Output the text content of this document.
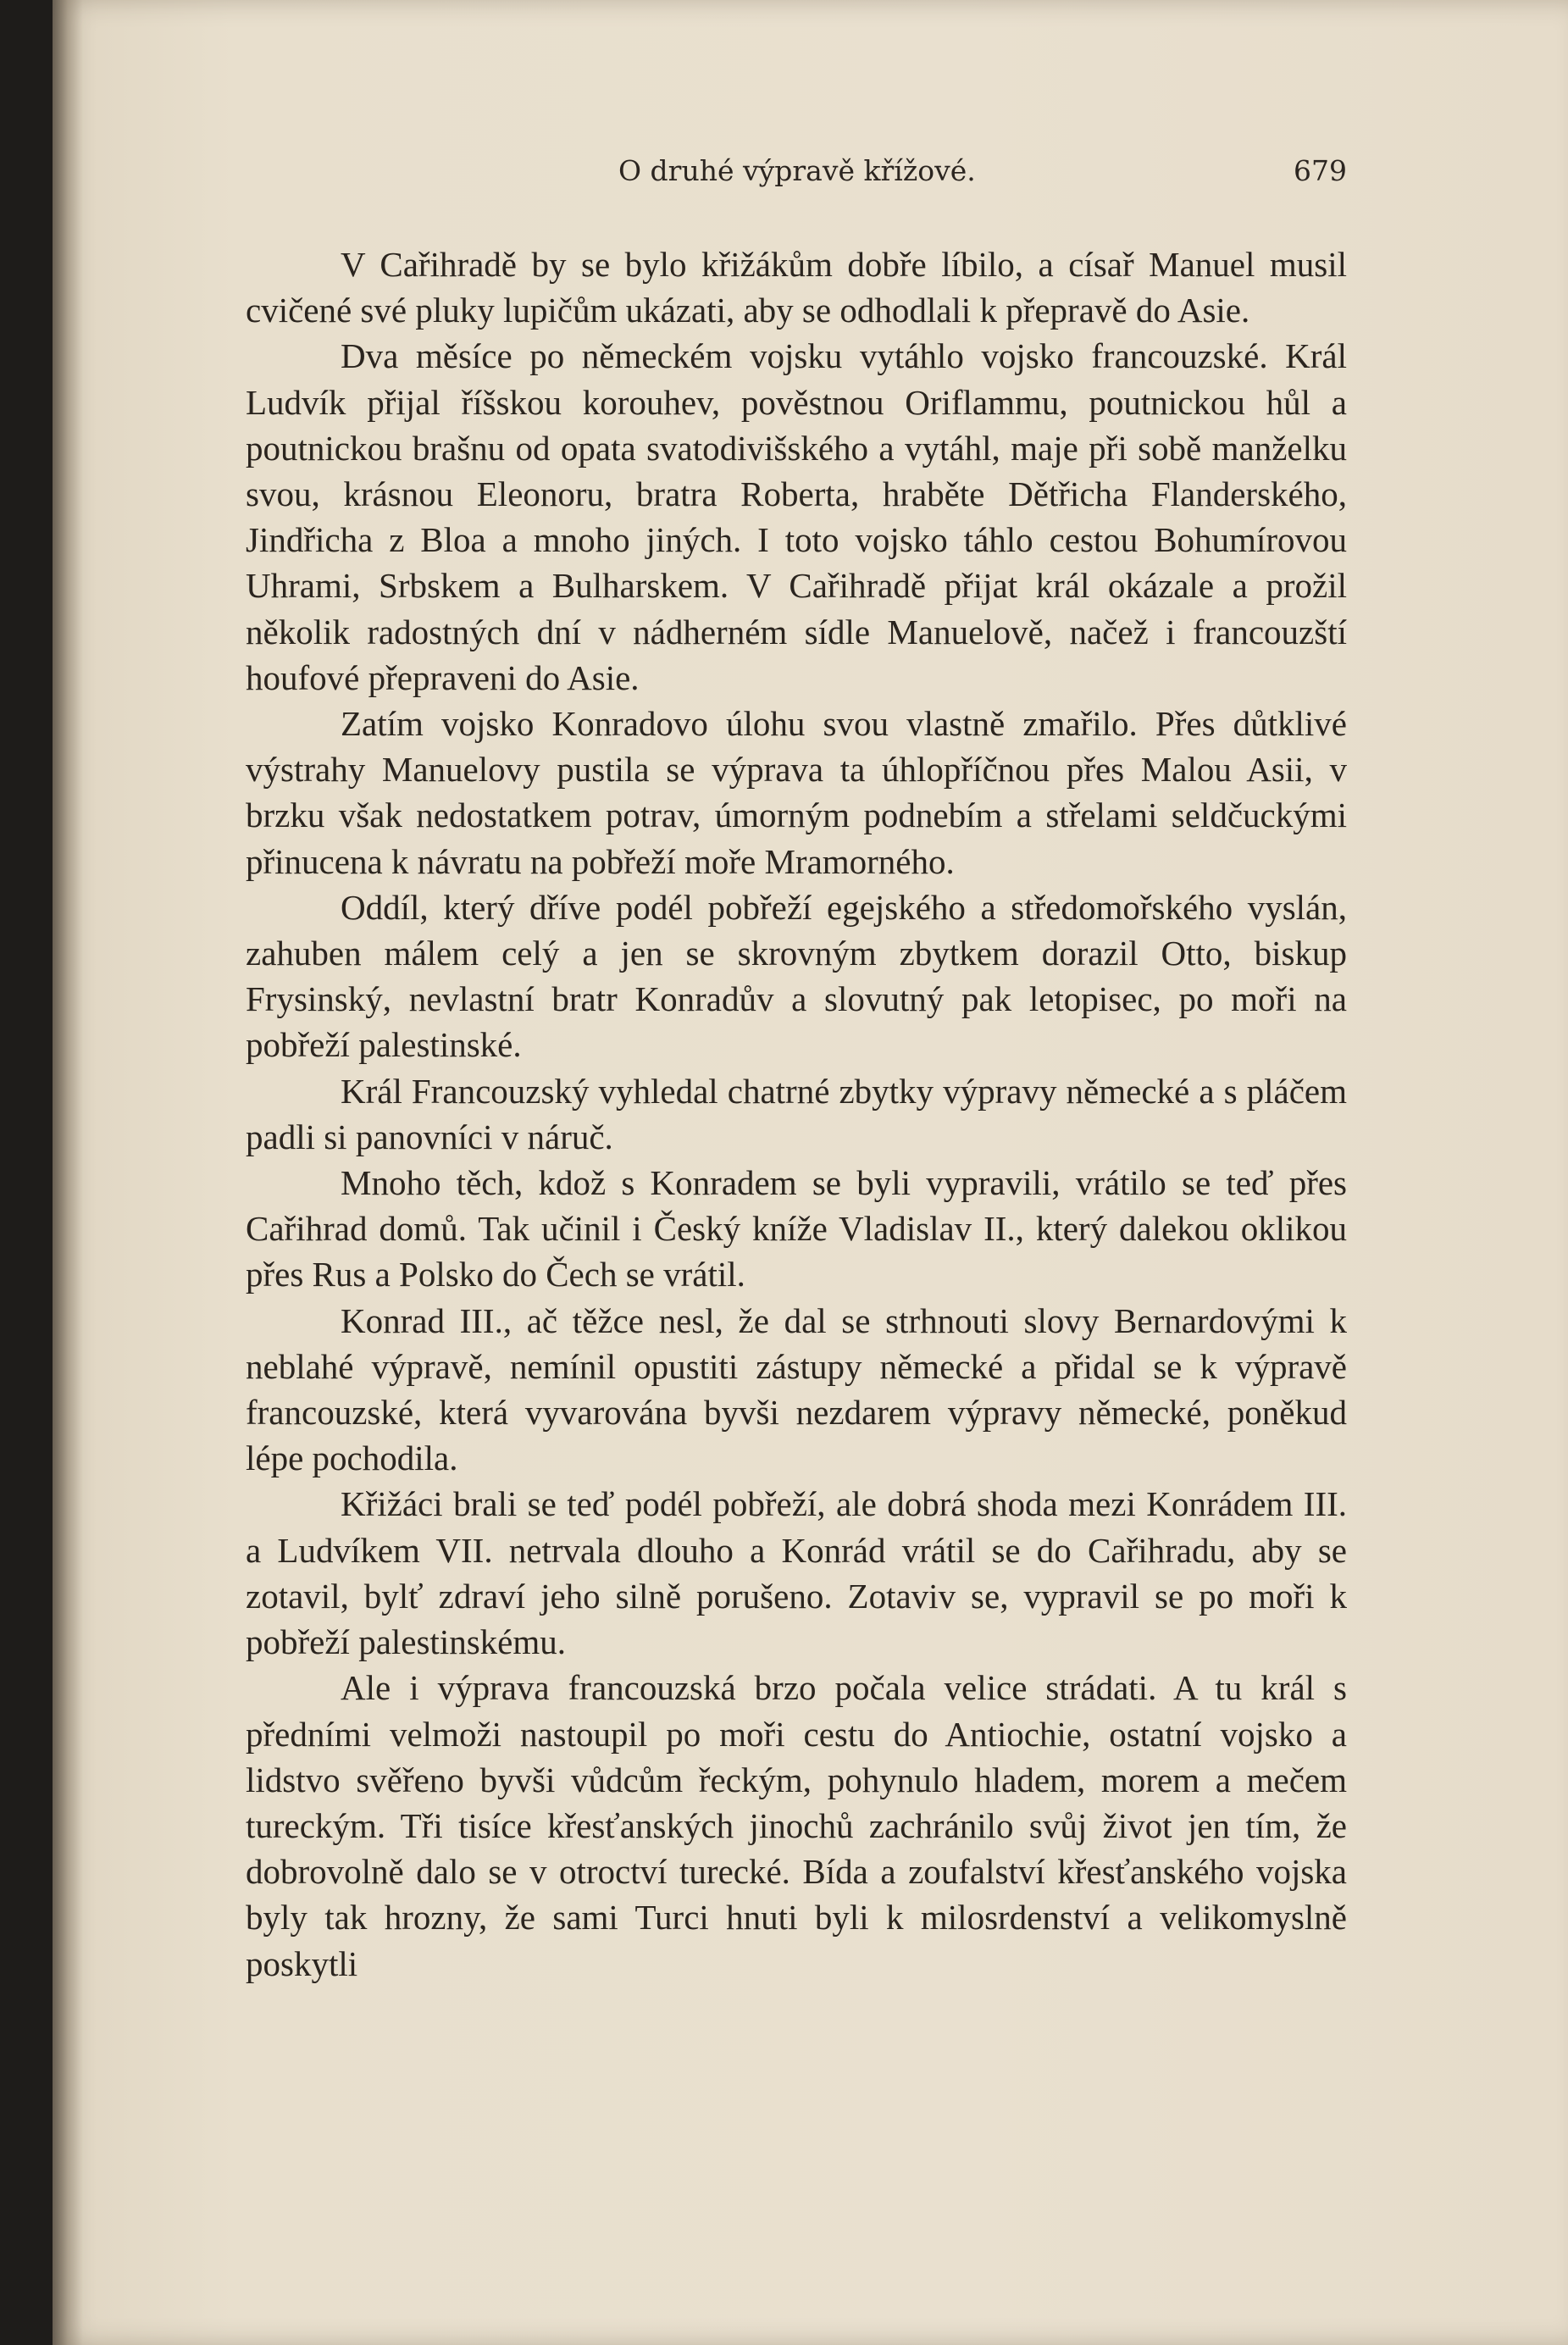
O druhé výpravě křížové.	679

V Cařihradě by se bylo křižákům dobře líbilo, a císař Manuel musil cvičené své pluky lupičům ukázati, aby se odhodlali k přepravě do Asie.

Dva měsíce po německém vojsku vytáhlo vojsko francouzské. Král Ludvík přijal říšskou korouhev, pověstnou Oriflammu, poutnickou hůl a poutnickou brašnu od opata svatodivišského a vytáhl, maje při sobě manželku svou, krásnou Eleonoru, bratra Roberta, hraběte Dětřicha Flanderského, Jindřicha z Bloa a mnoho jiných. I toto vojsko táhlo cestou Bohumírovou Uhrami, Srbskem a Bulharskem. V Cařihradě přijat král okázale a prožil několik radostných dní v nádherném sídle Manuelově, načež i francouzští houfové přepraveni do Asie.

Zatím vojsko Konradovo úlohu svou vlastně zmařilo. Přes důtklivé výstrahy Manuelovy pustila se výprava ta úhlopříčnou přes Malou Asii, v brzku však nedostatkem potrav, úmorným podnebím a střelami seldčuckými přinucena k návratu na pobřeží moře Mramorného.

Oddíl, který dříve podél pobřeží egejského a středomořského vyslán, zahuben málem celý a jen se skrovným zbytkem dorazil Otto, biskup Frysinský, nevlastní bratr Konradův a slovutný pak letopisec, po moři na pobřeží palestinské.

Král Francouzský vyhledal chatrné zbytky výpravy německé a s pláčem padli si panovníci v náruč.

Mnoho těch, kdož s Konradem se byli vypravili, vrátilo se teď přes Cařihrad domů. Tak učinil i Český kníže Vladislav II., který dalekou oklikou přes Rus a Polsko do Čech se vrátil.

Konrad III., ač těžce nesl, že dal se strhnouti slovy Bernardovými k neblahé výpravě, nemínil opustiti zástupy německé a přidal se k výpravě francouzské, která vyvarována byvši nezdarem výpravy německé, poněkud lépe pochodila.

Křižáci brali se teď podél pobřeží, ale dobrá shoda mezi Konrádem III. a Ludvíkem VII. netrvala dlouho a Konrád vrátil se do Cařihradu, aby se zotavil, bylť zdraví jeho silně porušeno. Zotaviv se, vypravil se po moři k pobřeží palestinskému.

Ale i výprava francouzská brzo počala velice strádati. A tu král s předními velmoži nastoupil po moři cestu do Antiochie, ostatní vojsko a lidstvo svěřeno byvši vůdcům řeckým, pohynulo hladem, morem a mečem tureckým. Tři tisíce křesťanských jinochů zachránilo svůj život jen tím, že dobrovolně dalo se v otroctví turecké. Bída a zoufalství křesťanského vojska byly tak hrozny, že sami Turci hnuti byli k milosrdenství a velikomyslně poskytli
